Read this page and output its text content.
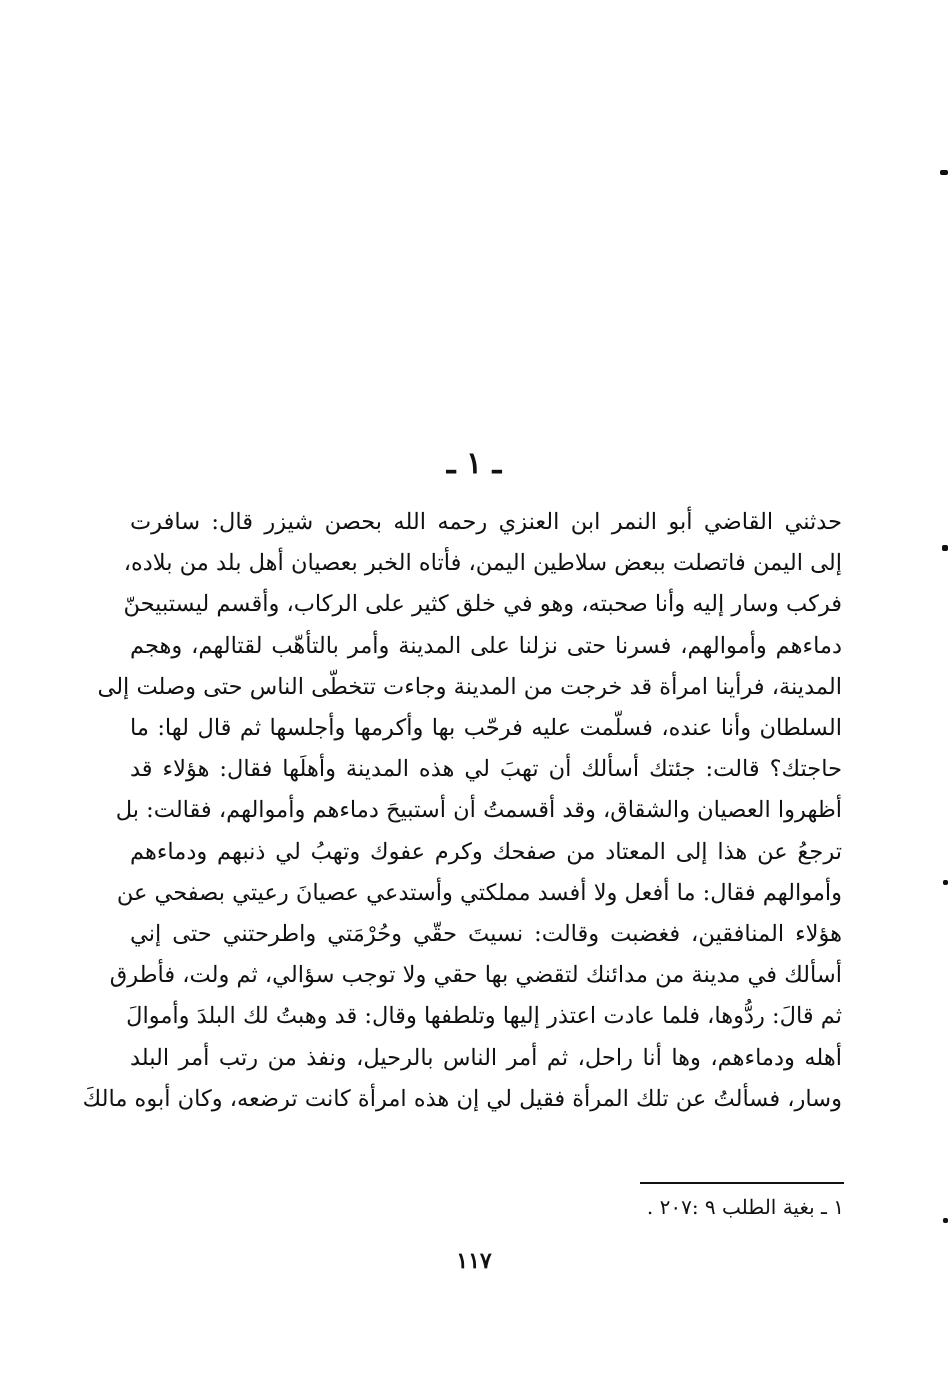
ـ ١ ـ
حدثني القاضي أبو النمر ابن العنزي رحمه الله بحصن شيزر قال: سافرت
إلى اليمن فاتصلت ببعض سلاطين اليمن، فأتاه الخبر بعصيان أهل بلد من بلاده،
فركب وسار إليه وأنا صحبته، وهو في خلق كثير على الركاب، وأقسم ليستبيحنّ
دماءهم وأموالهم، فسرنا حتى نزلنا على المدينة وأمر بالتأهّب لقتالهم، وهجم
المدينة، فرأينا امرأة قد خرجت من المدينة وجاءت تتخطّى الناس حتى وصلت إلى
السلطان وأنا عنده، فسلّمت عليه فرحّب بها وأكرمها وأجلسها ثم قال لها: ما
حاجتك؟ قالت: جئتك أسألك أن تهبَ لي هذه المدينة وأهلَها فقال: هؤلاء قد
أظهروا العصيان والشقاق، وقد أقسمتُ أن أستبيحَ دماءهم وأموالهم، فقالت: بل
ترجعُ عن هذا إلى المعتاد من صفحك وكرم عفوك وتهبُ لي ذنبهم ودماءهم
وأموالهم فقال: ما أفعل ولا أفسد مملكتي وأستدعي عصيانَ رعيتي بصفحي عن
هؤلاء المنافقين، فغضبت وقالت: نسيتَ حقّي وحُرْمَتي واطرحتني حتى إني
أسألك في مدينة من مدائنك لتقضي بها حقي ولا توجب سؤالي، ثم ولت، فأطرق
ثم قالَ: ردُّوها، فلما عادت اعتذر إليها وتلطفها وقال: قد وهبتُ لك البلدَ وأموالَ
أهله ودماءهم، وها أنا راحل، ثم أمر الناس بالرحيل، ونفذ من رتب أمر البلد
وسار، فسألتُ عن تلك المرأة فقيل لي إن هذه امرأة كانت ترضعه، وكان أبوه مالكَ
١ ـ بغية الطلب ٩ :٢٠٧ .
١١٧
